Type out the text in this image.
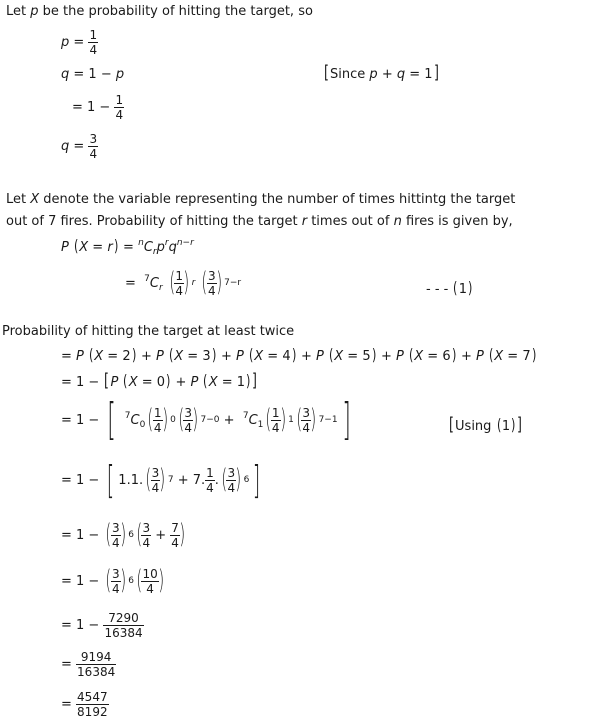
Let p be the probability of hitting the target, so
$p = \frac{1}{4}$
q = 1 − p	[Since p + q = 1]
= 1 −
$\frac{1}{4}$
$q = \frac{3}{4}$
Let X denote the variable representing the number of times hittintg the target
out of 7 fires. Probability of hitting the target r times out of n fires is given by,
P $(X = r) = ^nC_rp^rq^{n-r}$
=  $^7C_r$ ( 1
4 ) r
( 3
4 ) 7−r	- - - (1)
Probability of hitting the target at least twice
= P (X = 2) + P (X = 3) + P (X = 4) + P (X = 5) + P (X = 6) + P (X = 7)
= 1 − [P (X = 0) + P (X = 1) ]
= 1 −
[ $^7C_0$ ( 1
4 ) 0 ( 3
4 ) $7-0 + ^7C_1$ ( 1
4 ) 1 ( 3
4 ) 7−1 ]	[Using (1) ]
= 1 −
[ 1.1. ( 3
4 ) 7 + 7. 1
4 . ( 3
4 ) 6 ]
= 1 −
( 3
4 ) 6 ( 3
4 + 7
4 )
= 1 −
( 3
4 ) 6 ( 10
4 )
= 1 −
$\frac{7290}{16384}$
=
$\frac{9194}{16384}$
=
$\frac{4547}{8192}$
